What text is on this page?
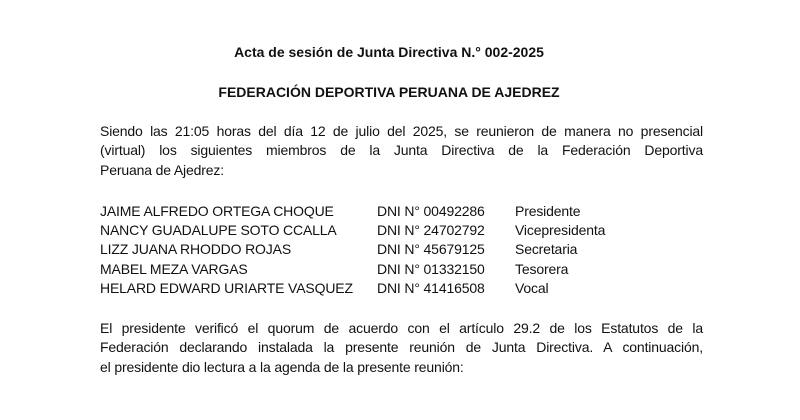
Acta de sesión de Junta Directiva N.° 002-2025
FEDERACIÓN DEPORTIVA PERUANA DE AJEDREZ
Siendo las 21:05 horas del día 12 de julio del 2025, se reunieron de manera no presencial
(virtual) los siguientes miembros de la Junta Directiva de la Federación Deportiva
Peruana de Ajedrez:
JAIME ALFREDO ORTEGA CHOQUE	DNI N° 00492286 Presidente
NANCY GUADALUPE SOTO CCALLA	DNI N° 24702792 Vicepresidenta
LIZZ JUANA RHODDO ROJAS	DNI N° 45679125 Secretaria
MABEL MEZA VARGAS	DNI N° 01332150 Tesorera
HELARD EDWARD URIARTE VASQUEZ DNI N° 41416508 Vocal
El presidente verificó el quorum de acuerdo con el artículo 29.2 de los Estatutos de la
Federación declarando instalada la presente reunión de Junta Directiva. A continuación,
el presidente dio lectura a la agenda de la presente reunión:
